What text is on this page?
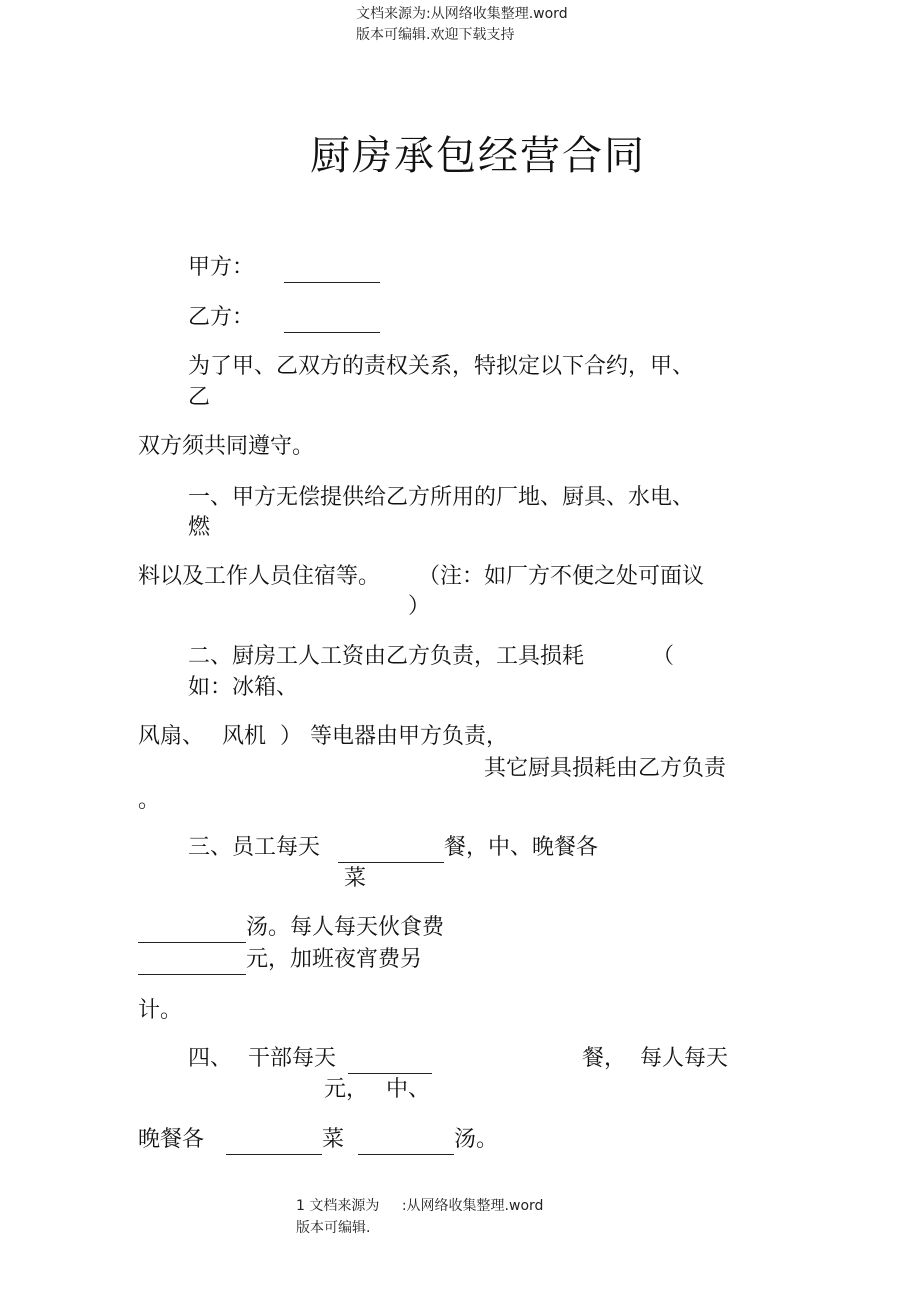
文档来源为:从网络收集整理.word
版本可编辑.欢迎下载支持
厨房承包经营合同
甲方：
乙方：
为了甲、乙双方的责权关系，特拟定以下合约，甲、
乙
双方须共同遵守。
一、甲方无偿提供给乙方所用的厂地、厨具、水电、
燃
料以及工作人员住宿等。 （注：如厂方不便之处可面议
）
二、厨房工人工资由乙方负责，工具损耗	（
如：冰箱、
风扇、 风机 ） 等电器由甲方负责，
其它厨具损耗由乙方负责
。
三、员工每天	餐，中、晚餐各
菜
汤。每人每天伙食费
元，加班夜宵费另
计。
四、 干部每天	餐， 每人每天
元， 中、
晚餐各	菜	汤。
1 文档来源为 :从网络收集整理.word
版本可编辑.
